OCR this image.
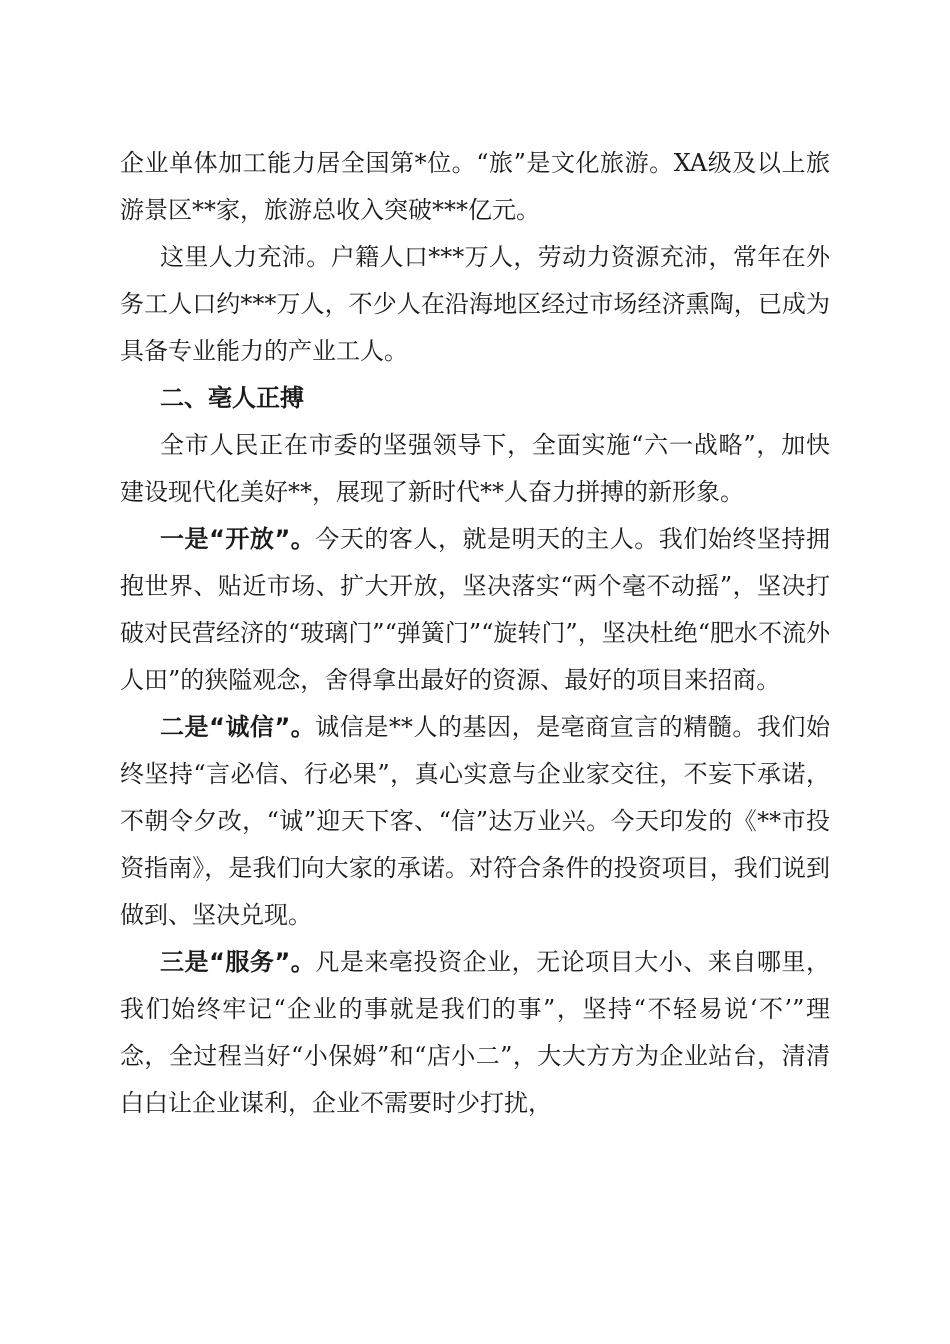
企业单体加工能力居全国第*位。“旅”是文化旅游。XA级及以上旅游景区**家，旅游总收入突破***亿元。

这里人力充沛。户籍人口***万人，劳动力资源充沛，常年在外务工人口约***万人，不少人在沿海地区经过市场经济熏陶，已成为具备专业能力的产业工人。

二、亳人正搏

全市人民正在市委的坚强领导下，全面实施“六一战略”，加快建设现代化美好**，展现了新时代**人奋力拼搏的新形象。

一是“开放”。今天的客人，就是明天的主人。我们始终坚持拥抱世界、贴近市场、扩大开放，坚决落实“两个毫不动摇”，坚决打破对民营经济的“玻璃门”“弹簧门”“旋转门”，坚决杜绝“肥水不流外人田”的狭隘观念，舍得拿出最好的资源、最好的项目来招商。

二是“诚信”。诚信是**人的基因，是亳商宣言的精髓。我们始终坚持“言必信、行必果”，真心实意与企业家交往，不妄下承诺，不朝令夕改，“诚”迎天下客、“信”达万业兴。今天印发的《**市投资指南》，是我们向大家的承诺。对符合条件的投资项目，我们说到做到、坚决兑现。

三是“服务”。凡是来亳投资企业，无论项目大小、来自哪里，我们始终牢记“企业的事就是我们的事”，坚持“不轻易说‘不’”理念，全过程当好“小保姆”和“店小二”，大大方方为企业站台，清清白白让企业谋利，企业不需要时少打扰，
